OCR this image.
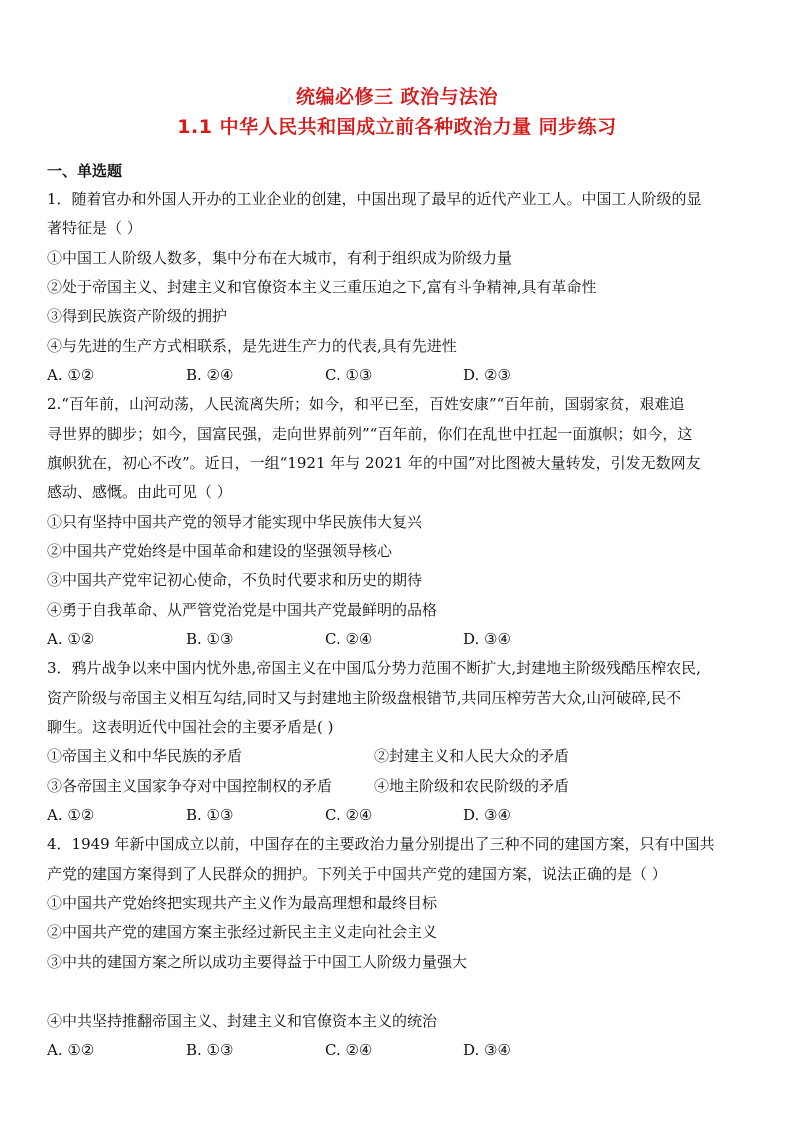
统编必修三 政治与法治
1.1 中华人民共和国成立前各种政治力量 同步练习
一、单选题
1．随着官办和外国人开办的工业企业的创建，中国出现了最早的近代产业工人。中国工人阶级的显
著特征是（ ）
①中国工人阶级人数多，集中分布在大城市，有利于组织成为阶级力量
②处于帝国主义、封建主义和官僚资本主义三重压迫之下,富有斗争精神,具有革命性
③得到民族资产阶级的拥护
④与先进的生产方式相联系，是先进生产力的代表,具有先进性
A. ①②	B. ②④	C. ①③	D. ②③
2.“百年前，山河动荡，人民流离失所；如今，和平已至，百姓安康”“百年前，国弱家贫，艰难追
寻世界的脚步；如今，国富民强，走向世界前列”“百年前，你们在乱世中扛起一面旗帜；如今，这
旗帜犹在，初心不改”。近日，一组“1921 年与 2021 年的中国”对比图被大量转发，引发无数网友
感动、感慨。由此可见（ ）
①只有坚持中国共产党的领导才能实现中华民族伟大复兴
②中国共产党始终是中国革命和建设的坚强领导核心
③中国共产党牢记初心使命，不负时代要求和历史的期待
④勇于自我革命、从严管党治党是中国共产党最鲜明的品格
A. ①②	B. ①③	C. ②④	D. ③④
3．鸦片战争以来中国内忧外患,帝国主义在中国瓜分势力范围不断扩大,封建地主阶级残酷压榨农民,
资产阶级与帝国主义相互勾结,同时又与封建地主阶级盘根错节,共同压榨劳苦大众,山河破碎,民不
聊生。这表明近代中国社会的主要矛盾是( )
①帝国主义和中华民族的矛盾	②封建主义和人民大众的矛盾
③各帝国主义国家争夺对中国控制权的矛盾	④地主阶级和农民阶级的矛盾
A. ①②	B. ①③	C. ②④	D. ③④
4．1949 年新中国成立以前，中国存在的主要政治力量分别提出了三种不同的建国方案，只有中国共
产党的建国方案得到了人民群众的拥护。下列关于中国共产党的建国方案，说法正确的是（ ）
①中国共产党始终把实现共产主义作为最高理想和最终目标
②中国共产党的建国方案主张经过新民主主义走向社会主义
③中共的建国方案之所以成功主要得益于中国工人阶级力量强大
④中共坚持推翻帝国主义、封建主义和官僚资本主义的统治
A. ①②	B. ①③	C. ②④	D. ③④
